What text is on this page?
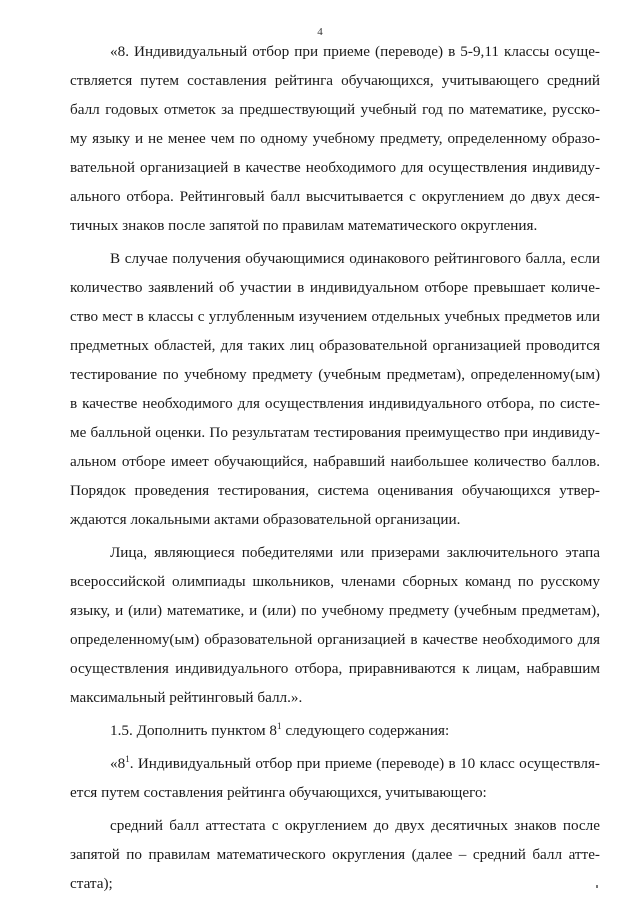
4
«8. Индивидуальный отбор при приеме (переводе) в 5-9,11 классы осуще-
ствляется путем составления рейтинга обучающихся, учитывающего средний
балл годовых отметок за предшествующий учебный год по математике, русско-
му языку и не менее чем по одному учебному предмету, определенному образо-
вательной организацией в качестве необходимого для осуществления индивиду-
ального отбора. Рейтинговый балл высчитывается с округлением до двух деся-
тичных знаков после запятой по правилам математического округления.
В случае получения обучающимися одинакового рейтингового балла, если
количество заявлений об участии в индивидуальном отборе превышает количе-
ство мест в классы с углубленным изучением отдельных учебных предметов или
предметных областей, для таких лиц образовательной организацией проводится
тестирование по учебному предмету (учебным предметам), определенному(ым)
в качестве необходимого для осуществления индивидуального отбора, по систе-
ме балльной оценки. По результатам тестирования преимущество при индивиду-
альном отборе имеет обучающийся, набравший наибольшее количество баллов.
Порядок проведения тестирования, система оценивания обучающихся утвер-
ждаются локальными актами образовательной организации.
Лица, являющиеся победителями или призерами заключительного этапа
всероссийской олимпиады школьников, членами сборных команд по русскому
языку, и (или) математике, и (или) по учебному предмету (учебным предметам),
определенному(ым) образовательной организацией в качестве необходимого для
осуществления индивидуального отбора, приравниваются к лицам, набравшим
максимальный рейтинговый балл.».
1.5. Дополнить пунктом $8^1$ следующего содержания:
«$8^1$. Индивидуальный отбор при приеме (переводе) в 10 класс осуществля-
ется путем составления рейтинга обучающихся, учитывающего:
средний балл аттестата с округлением до двух десятичных знаков после
запятой по правилам математического округления (далее – средний балл атте-
стата);
